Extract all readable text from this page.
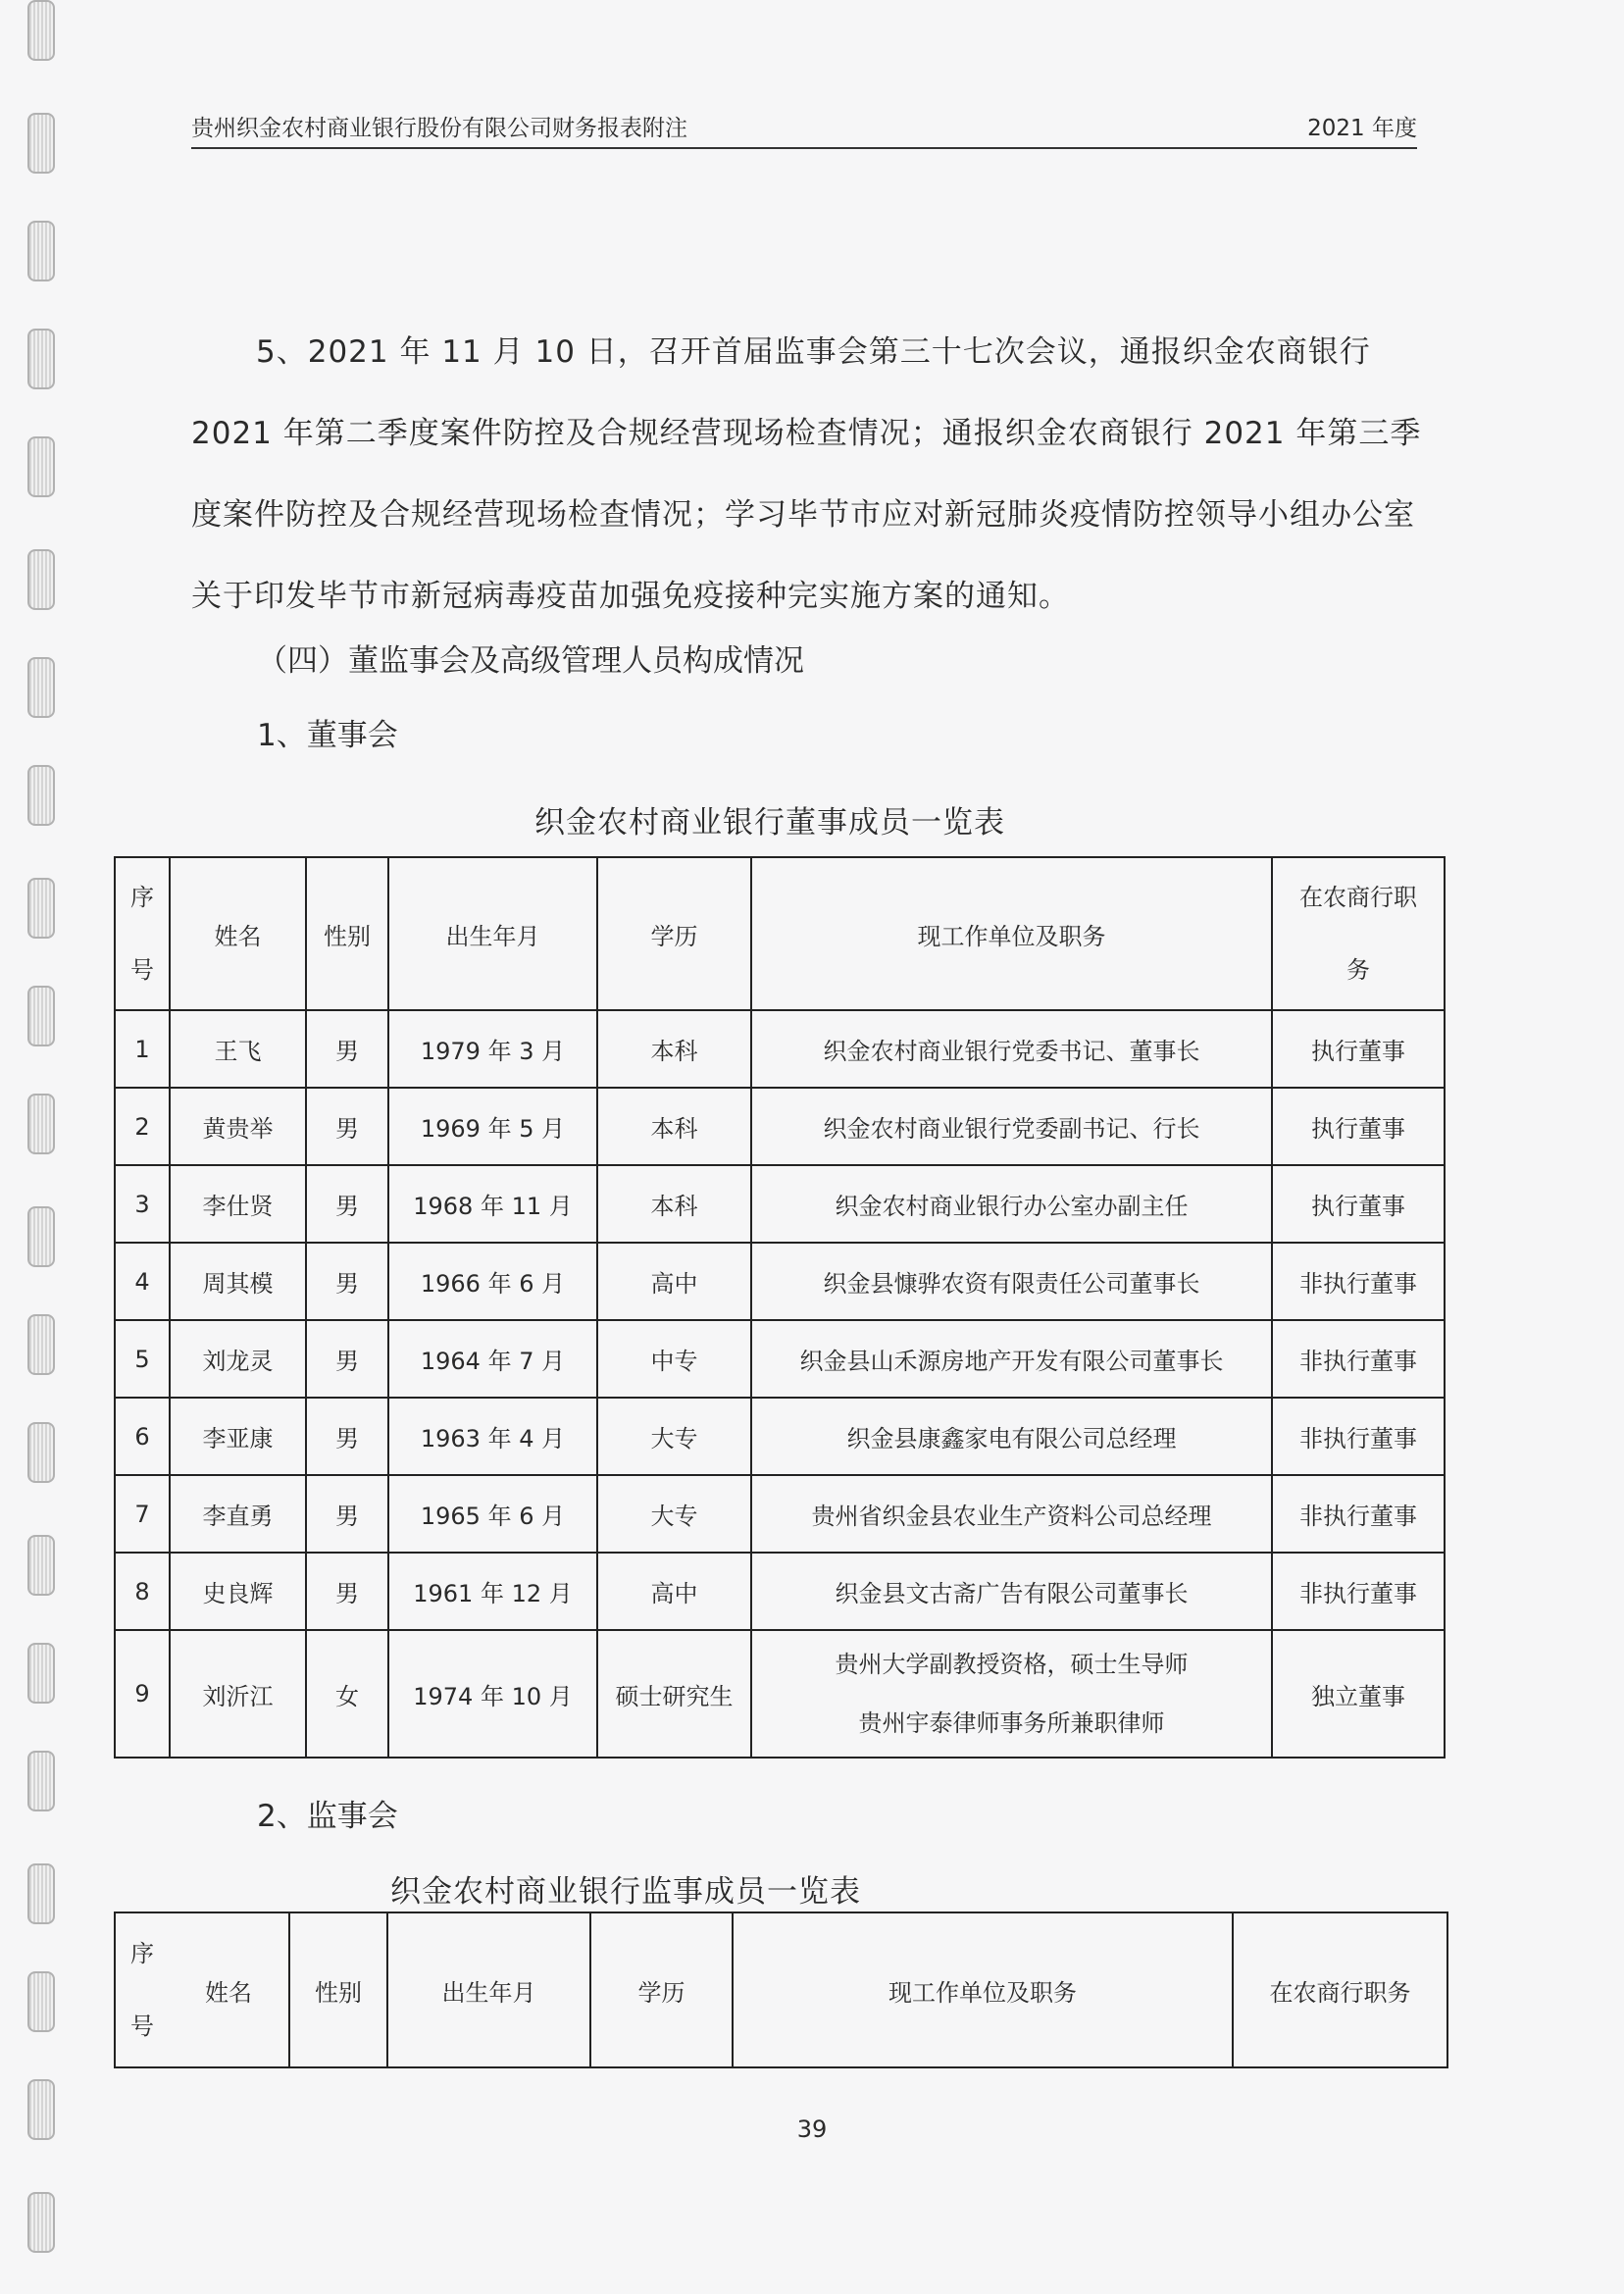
贵州织金农村商业银行股份有限公司财务报表附注	2021 年度
5、2021 年 11 月 10 日，召开首届监事会第三十七次会议，通报织金农商银行 2021 年第二季度案件防控及合规经营现场检查情况；通报织金农商银行 2021 年第三季度案件防控及合规经营现场检查情况；学习毕节市应对新冠肺炎疫情防控领导小组办公室关于印发毕节市新冠病毒疫苗加强免疫接种完实施方案的通知。
（四）董监事会及高级管理人员构成情况
1、董事会
织金农村商业银行董事成员一览表
序
号	姓名	性别	出生年月	学历	现工作单位及职务	在农商行职
务
1	王飞	男	1979 年 3 月	本科	织金农村商业银行党委书记、董事长	执行董事
2	黄贵举	男	1969 年 5 月	本科	织金农村商业银行党委副书记、行长	执行董事
3	李仕贤	男	1968 年 11 月	本科	织金农村商业银行办公室办副主任	执行董事
4	周其模	男	1966 年 6 月	高中	织金县慷骅农资有限责任公司董事长	非执行董事
5	刘龙灵	男	1964 年 7 月	中专	织金县山禾源房地产开发有限公司董事长	非执行董事
6	李亚康	男	1963 年 4 月	大专	织金县康鑫家电有限公司总经理	非执行董事
7	李直勇	男	1965 年 6 月	大专	贵州省织金县农业生产资料公司总经理	非执行董事
8	史良辉	男	1961 年 12 月	高中	织金县文古斋广告有限公司董事长	非执行董事
9	刘沂江	女	1974 年 10 月	硕士研究生	贵州大学副教授资格，硕士生导师
贵州宇泰律师事务所兼职律师	独立董事
2、监事会
织金农村商业银行监事成员一览表
序
号
姓名	性别	出生年月	学历	现工作单位及职务	在农商行职务
39
